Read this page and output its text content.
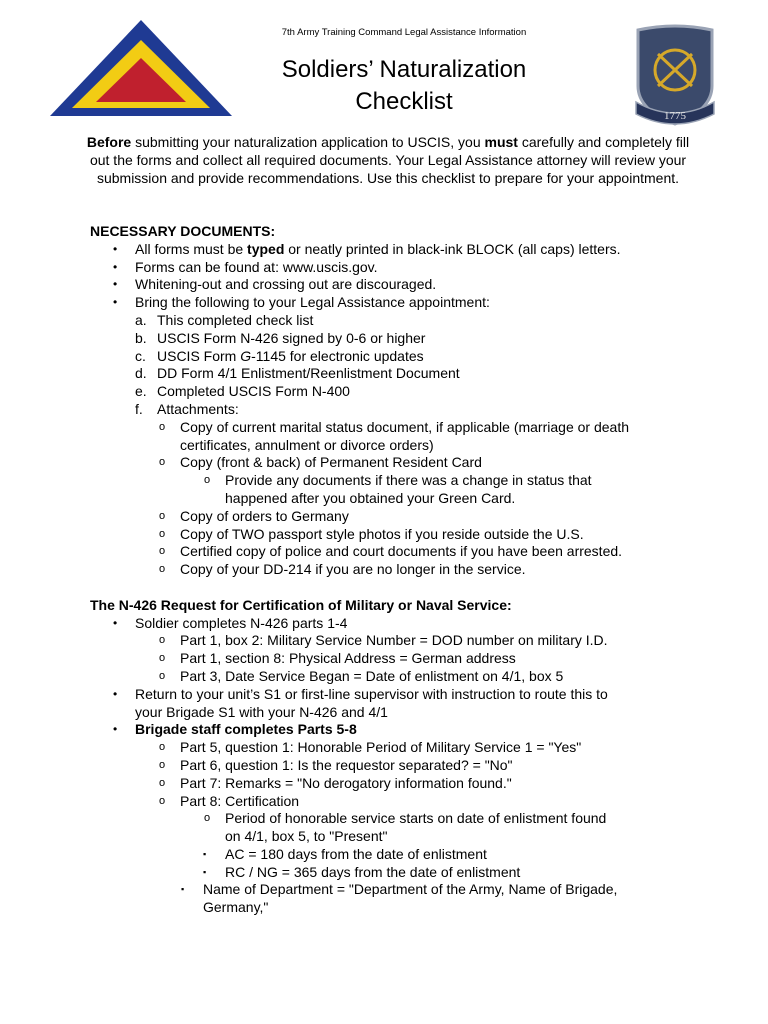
1775
7th Army Training Command Legal Assistance Information
Soldiers’ Naturalization
Checklist
Before submitting your naturalization application to USCIS, you must carefully and completely fill out the forms and collect all required documents. Your Legal Assistance attorney will review your submission and provide recommendations. Use this checklist to prepare for your appointment.
NECESSARY DOCUMENTS:
• All forms must be typed or neatly printed in black-ink BLOCK (all caps) letters.
• Forms can be found at: www.uscis.gov.
• Whitening-out and crossing out are discouraged.
• Bring the following to your Legal Assistance appointment:
a. This completed check list
b. USCIS Form N-426 signed by 0-6 or higher
c. USCIS Form G-1145 for electronic updates
d. DD Form 4/1 Enlistment/Reenlistment Document
e. Completed USCIS Form N-400
f. Attachments:
o Copy of current marital status document, if applicable (marriage or death
certificates, annulment or divorce orders)
o Copy (front & back) of Permanent Resident Card
o Provide any documents if there was a change in status that
happened after you obtained your Green Card.
o Copy of orders to Germany
o Copy of TWO passport style photos if you reside outside the U.S.
o Certified copy of police and court documents if you have been arrested.
o Copy of your DD-214 if you are no longer in the service.
The N-426 Request for Certification of Military or Naval Service:
• Soldier completes N-426 parts 1-4
o Part 1, box 2: Military Service Number = DOD number on military I.D.
o Part 1, section 8: Physical Address = German address
o Part 3, Date Service Began = Date of enlistment on 4/1, box 5
• Return to your unit’s S1 or first-line supervisor with instruction to route this to
your Brigade S1 with your N-426 and 4/1
• Brigade staff completes Parts 5-8
o Part 5, question 1: Honorable Period of Military Service 1 = "Yes"
o Part 6, question 1: Is the requestor separated? = "No"
o Part 7: Remarks = "No derogatory information found."
o Part 8: Certification
o Period of honorable service starts on date of enlistment found
on 4/1, box 5, to "Present"
▪ AC = 180 days from the date of enlistment
▪ RC / NG = 365 days from the date of enlistment
▪ Name of Department = "Department of the Army, Name of Brigade,
Germany,"
